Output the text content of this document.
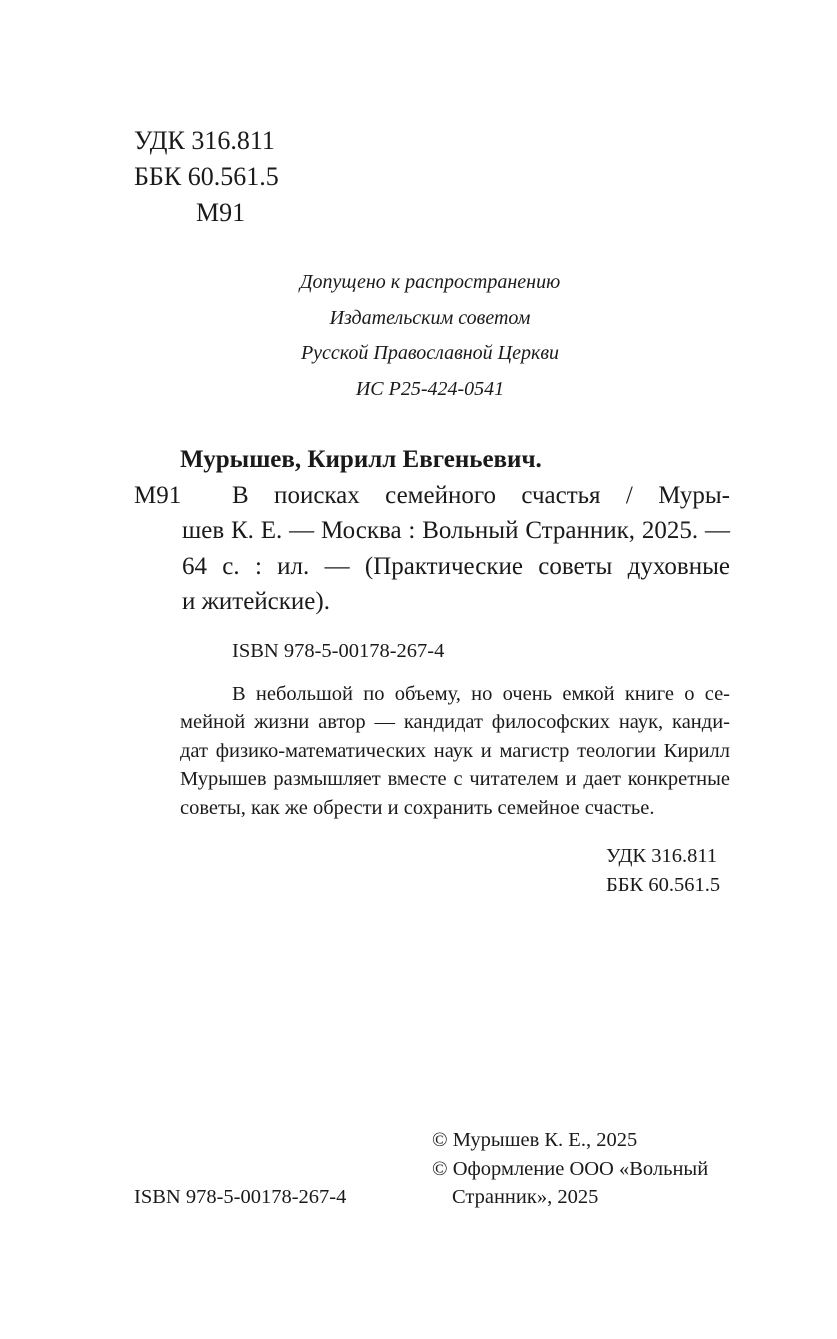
УДК 316.811
ББК 60.561.5
М91
Допущено к распространению
Издательским советом
Русской Православной Церкви
ИС Р25-424-0541
Мурышев, Кирилл Евгеньевич.
М91 В поисках семейного счастья / Муры-
шев К. Е. — Москва : Вольный Странник, 2025. —
64 с. : ил. — (Практические советы духовные
и житейские).
ISBN 978-5-00178-267-4
В небольшой по объему, но очень емкой книге о се-
мейной жизни автор — кандидат философских наук, канди-
дат физико-математических наук и магистр теологии Кирилл
Мурышев размышляет вместе с читателем и дает конкретные
советы, как же обрести и сохранить семейное счастье.
УДК 316.811
ББК 60.561.5
© Мурышев К. Е., 2025
© Оформление ООО «Вольный
ISBN 978-5-00178-267-4	Странник», 2025
